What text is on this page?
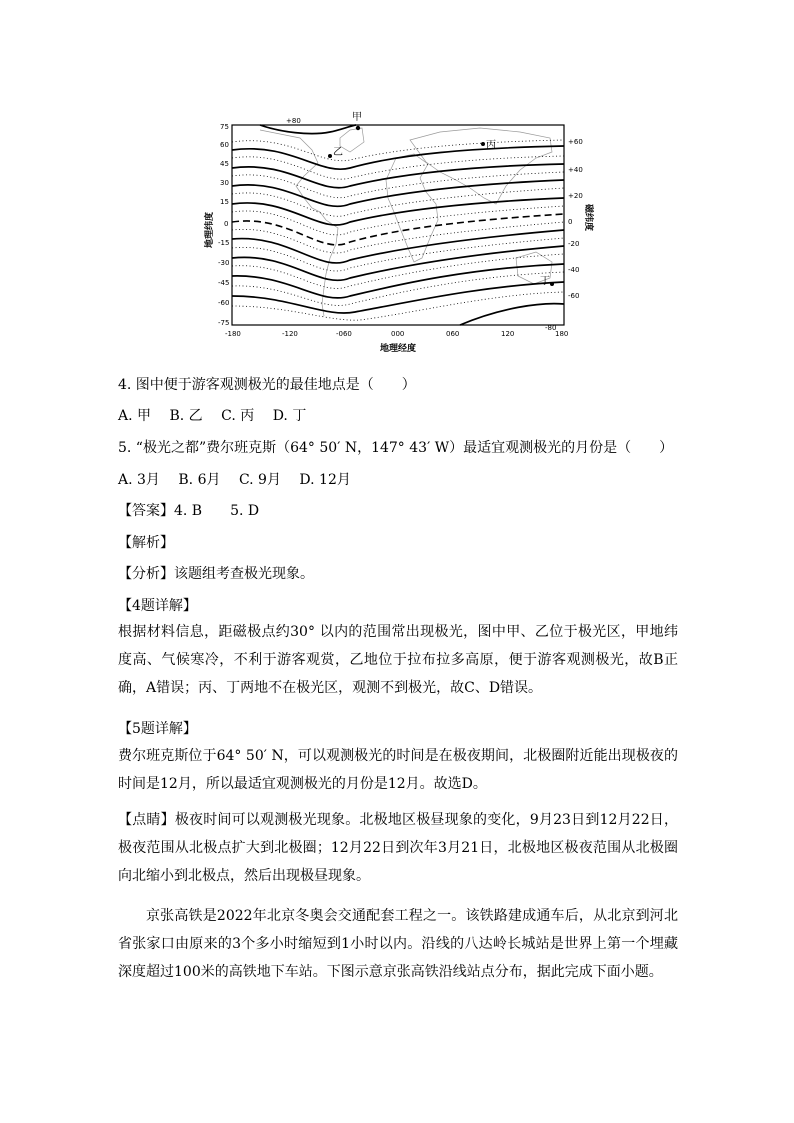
75
60
45
30
15
0
-15
-30
-45
-60
-75
+60
+40
+20
0
-20
-40
-60
-80
+80
-180	-120	-060	000	060	120	180
地理经度
地理纬度	磁纬度
甲
乙
丙
丁
4. 图中便于游客观测极光的最佳地点是（　　）
A. 甲 B. 乙 C. 丙 D. 丁
5. “极光之都”费尔班克斯（64° 50′ N，147° 43′ W）最适宜观测极光的月份是（　　）
A. 3月 B. 6月 C. 9月 D. 12月
【答案】4. B　　5. D
【解析】
【分析】该题组考查极光现象。
【4题详解】
根据材料信息，距磁极点约30° 以内的范围常出现极光，图中甲、乙位于极光区，甲地纬度高、气候寒冷，不利于游客观赏，乙地位于拉布拉多高原，便于游客观测极光，故B正确，A错误；丙、丁两地不在极光区，观测不到极光，故C、D错误。
【5题详解】
费尔班克斯位于64° 50′ N，可以观测极光的时间是在极夜期间，北极圈附近能出现极夜的时间是12月，所以最适宜观测极光的月份是12月。故选D。
【点睛】极夜时间可以观测极光现象。北极地区极昼现象的变化，9月23日到12月22日，极夜范围从北极点扩大到北极圈；12月22日到次年3月21日，北极地区极夜范围从北极圈向北缩小到北极点，然后出现极昼现象。
京张高铁是2022年北京冬奥会交通配套工程之一。该铁路建成通车后，从北京到河北省张家口由原来的3个多小时缩短到1小时以内。沿线的八达岭长城站是世界上第一个埋藏深度超过100米的高铁地下车站。下图示意京张高铁沿线站点分布，据此完成下面小题。
